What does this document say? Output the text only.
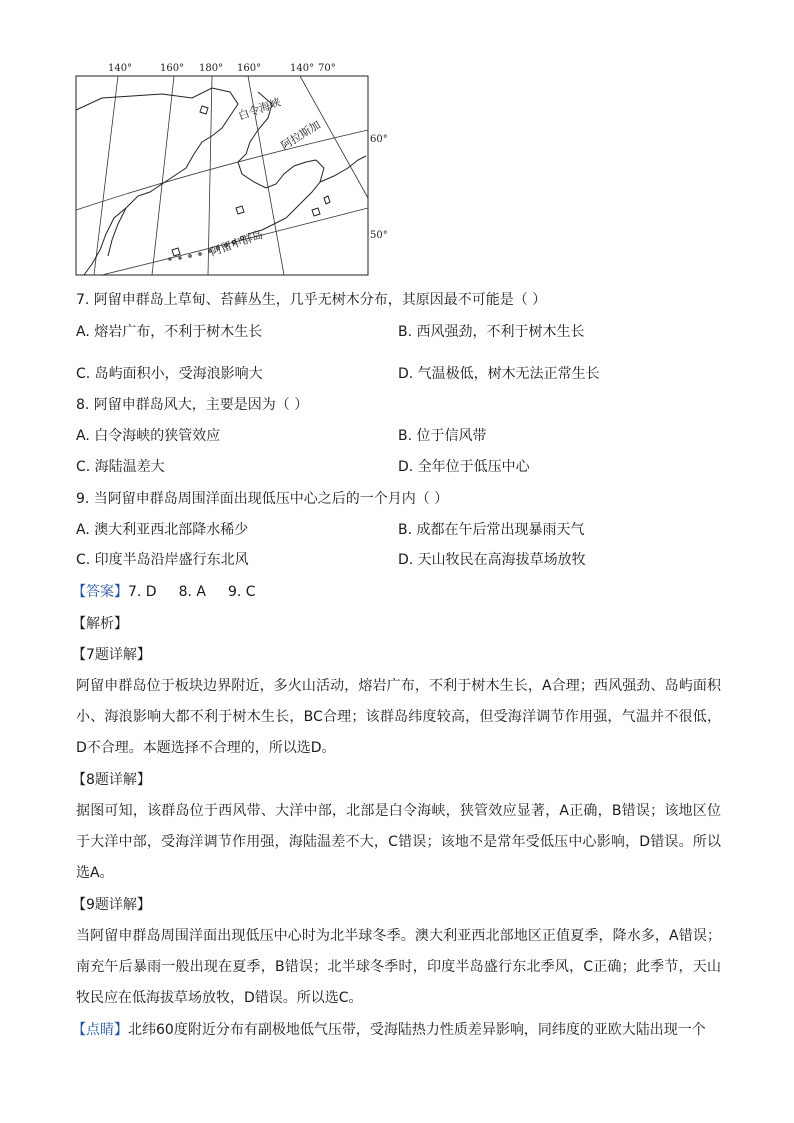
140°	160° 180° 160°	140° 70°
60°
50°
白令海峡
阿拉斯加
阿留申群岛
7. 阿留申群岛上草甸、苔藓丛生，几乎无树木分布，其原因最不可能是（ ）
A. 熔岩广布，不利于树木生长	B. 西风强劲，不利于树木生长
C. 岛屿面积小，受海浪影响大	D. 气温极低，树木无法正常生长
8. 阿留申群岛风大，主要是因为（ ）
A. 白令海峡的狭管效应	B. 位于信风带
C. 海陆温差大	D. 全年位于低压中心
9. 当阿留申群岛周围洋面出现低压中心之后的一个月内（ ）
A. 澳大利亚西北部降水稀少	B. 成都在午后常出现暴雨天气
C. 印度半岛沿岸盛行东北风	D. 天山牧民在高海拔草场放牧
【答案】7. D 8. A 9. C
【解析】
【7题详解】
阿留申群岛位于板块边界附近，多火山活动，熔岩广布，不利于树木生长，A合理；西风强劲、岛屿面积小、海浪影响大都不利于树木生长，BC合理；该群岛纬度较高，但受海洋调节作用强，气温并不很低，D不合理。本题选择不合理的，所以选D。
【8题详解】
据图可知，该群岛位于西风带、大洋中部，北部是白令海峡，狭管效应显著，A正确，B错误；该地区位于大洋中部，受海洋调节作用强，海陆温差不大，C错误；该地不是常年受低压中心影响，D错误。所以选A。
【9题详解】
当阿留申群岛周围洋面出现低压中心时为北半球冬季。澳大利亚西北部地区正值夏季，降水多，A错误；南充午后暴雨一般出现在夏季，B错误；北半球冬季时，印度半岛盛行东北季风，C正确；此季节，天山牧民应在低海拔草场放牧，D错误。所以选C。
【点睛】北纬60度附近分布有副极地低气压带，受海陆热力性质差异影响，同纬度的亚欧大陆出现一个
